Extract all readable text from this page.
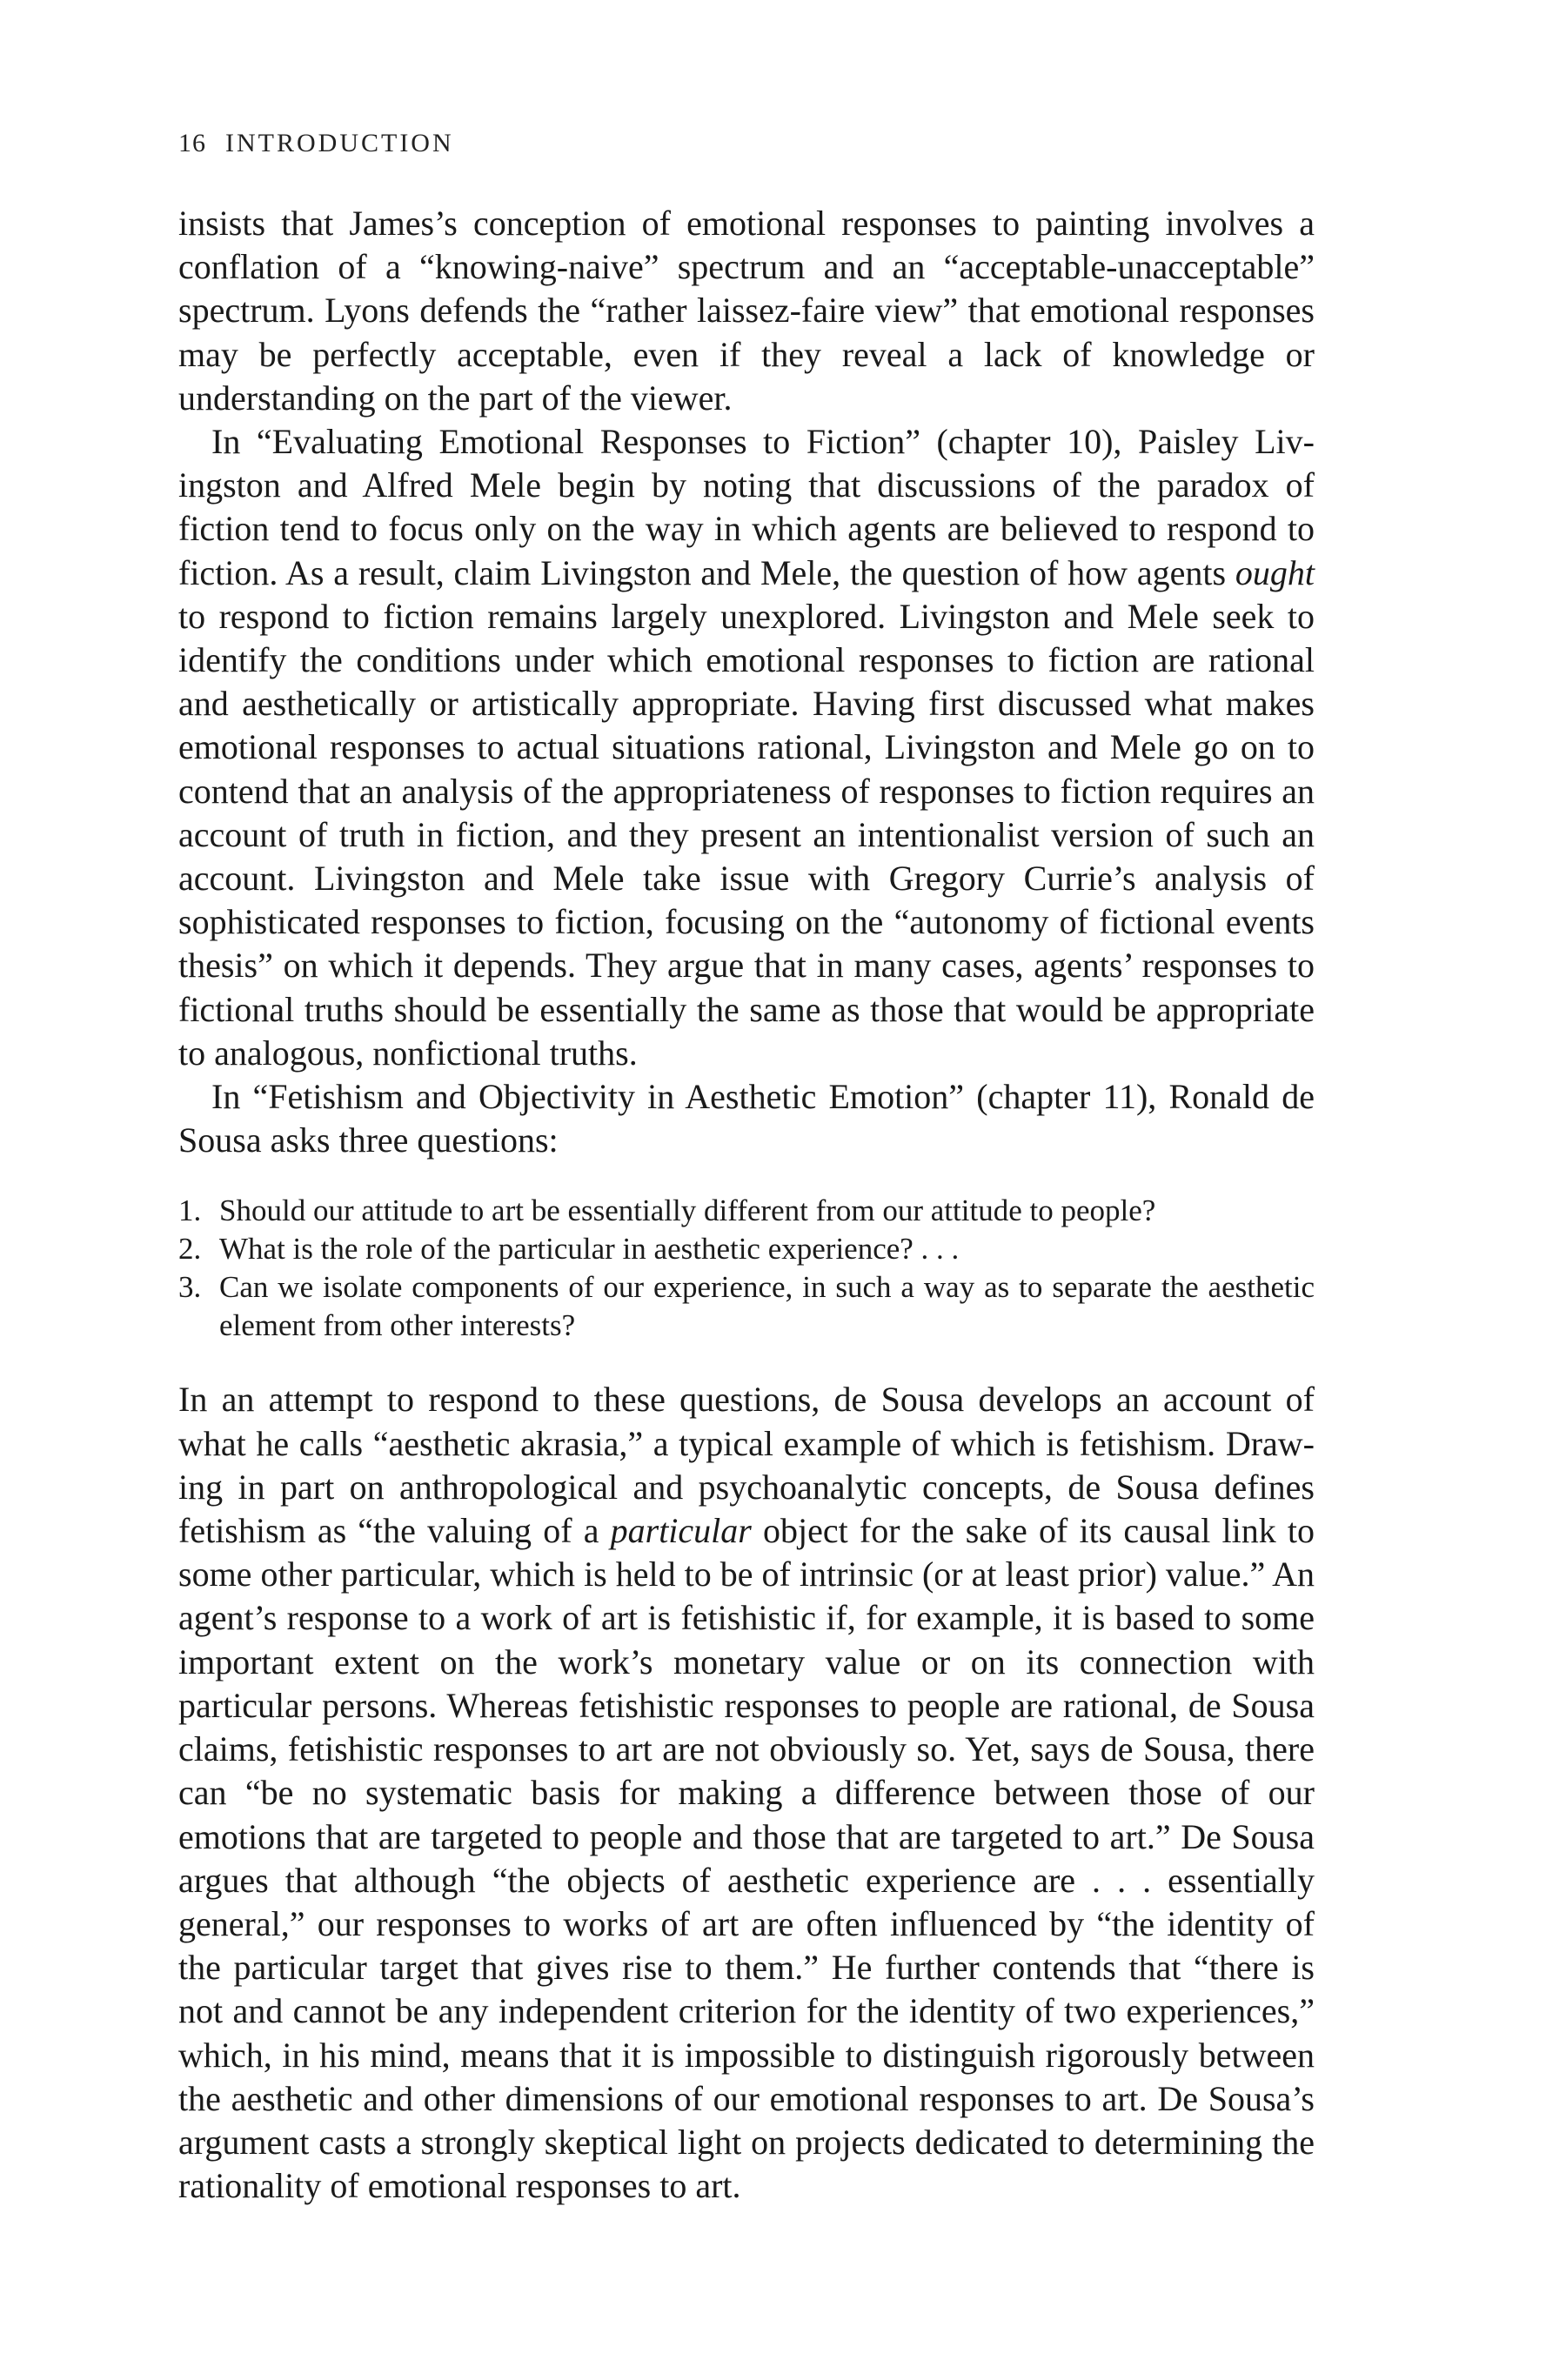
16 INTRODUCTION

insists that James’s conception of emotional responses to painting involves a conflation of a “knowing-naive” spectrum and an “acceptable-unacceptable” spectrum. Lyons defends the “rather laissez-faire view” that emotional responses may be perfectly acceptable, even if they reveal a lack of knowledge or understanding on the part of the viewer.

In “Evaluating Emotional Responses to Fiction” (chapter 10), Paisley Livingston and Alfred Mele begin by noting that discussions of the paradox of fiction tend to focus only on the way in which agents are believed to respond to fiction. As a result, claim Livingston and Mele, the question of how agents ought to respond to fiction remains largely unexplored. Livingston and Mele seek to identify the conditions under which emotional responses to fiction are rational and aesthetically or artistically appropriate. Having first discussed what makes emotional responses to actual situations rational, Livingston and Mele go on to contend that an analysis of the appropriateness of responses to fiction requires an account of truth in fiction, and they present an intentionalist version of such an account. Livingston and Mele take issue with Gregory Currie’s analysis of sophisticated responses to fiction, focusing on the “autonomy of fictional events thesis” on which it depends. They argue that in many cases, agents’ responses to fictional truths should be essentially the same as those that would be appropriate to analogous, nonfictional truths.

In “Fetishism and Objectivity in Aesthetic Emotion” (chapter 11), Ronald de Sousa asks three questions:

1. Should our attitude to art be essentially different from our attitude to people?
2. What is the role of the particular in aesthetic experience? . . .
3. Can we isolate components of our experience, in such a way as to separate the aesthetic element from other interests?

In an attempt to respond to these questions, de Sousa develops an account of what he calls “aesthetic akrasia,” a typical example of which is fetishism. Drawing in part on anthropological and psychoanalytic concepts, de Sousa defines fetishism as “the valuing of a particular object for the sake of its causal link to some other particular, which is held to be of intrinsic (or at least prior) value.” An agent’s response to a work of art is fetishistic if, for example, it is based to some important extent on the work’s monetary value or on its connection with particular persons. Whereas fetishistic responses to people are rational, de Sousa claims, fetishistic responses to art are not obviously so. Yet, says de Sousa, there can “be no systematic basis for making a difference between those of our emotions that are targeted to people and those that are targeted to art.” De Sousa argues that although “the objects of aesthetic experience are . . . essentially general,” our responses to works of art are often influenced by “the identity of the particular target that gives rise to them.” He further contends that “there is not and cannot be any independent criterion for the identity of two experiences,” which, in his mind, means that it is impossible to distinguish rigorously between the aesthetic and other dimensions of our emotional responses to art. De Sousa’s argument casts a strongly skeptical light on projects dedicated to determining the rationality of emotional responses to art.
